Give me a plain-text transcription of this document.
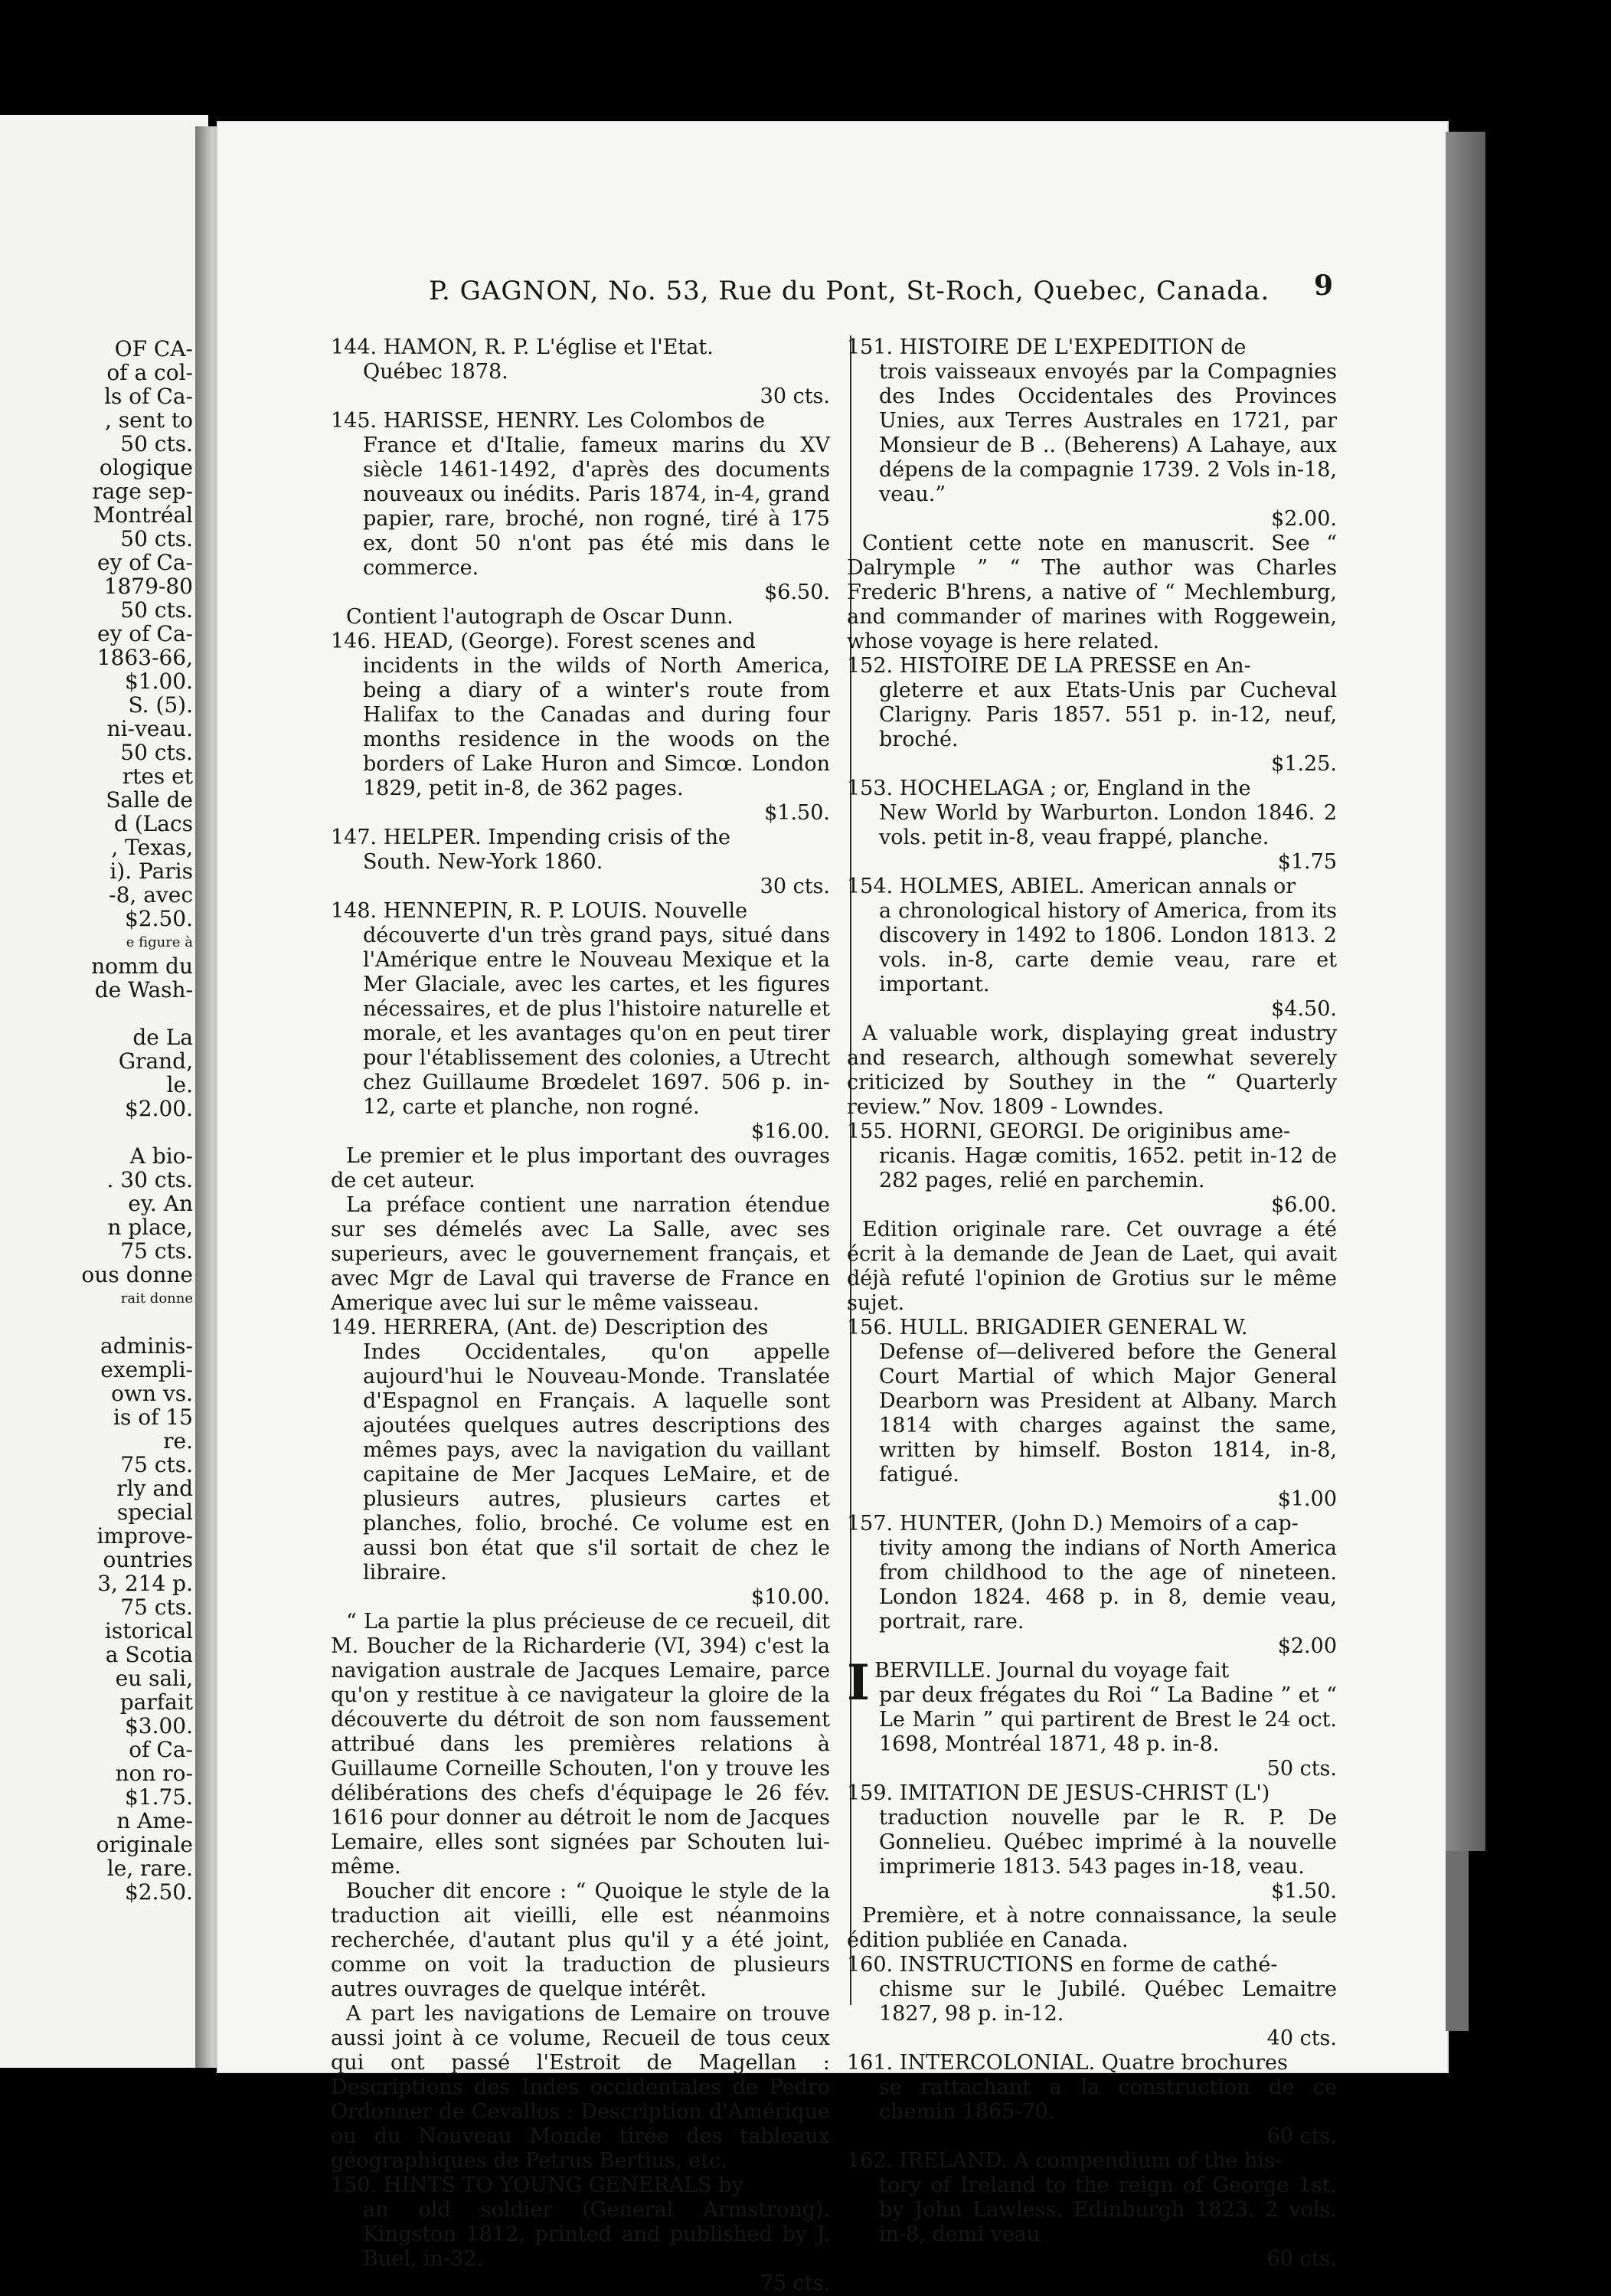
OF CA-
of a col-
ls of Ca-
, sent to
50 cts.
ologique
rage sep-
Montréal
50 cts.
ey of Ca-
1879-80
50 cts.
ey of Ca-
1863-66,
$1.00.
S. (5).
ni-veau.
50 cts.
rtes et
Salle de
d (Lacs
, Texas,
i). Paris
-8, avec
$2.50.
e figure à
nomm du
de Wash-
de La
Grand,
le.
$2.00.
A bio-
. 30 cts.
ey. An
n place,
75 cts.
ous donne
rait donne
adminis-
exempli-
own vs.
is of 15
re.
75 cts.
rly and
special
improve-
ountries
3, 214 p.
75 cts.
istorical
a Scotia
eu sali,
parfait
$3.00.
of Ca-
non ro-
$1.75.
n Ame-
originale
le, rare.
$2.50.
P. GAGNON, No. 53, Rue du Pont, St-Roch, Quebec, Canada.	9

144. HAMON, R. P. L'église et l'Etat.

Québec 1878.

30 cts.

145. HARISSE, HENRY. Les Colombos de

France et d'Italie, fameux marins du XV siècle 1461-1492, d'après des documents nouveaux ou inédits. Paris 1874, in-4, grand papier, rare, broché, non rogné, tiré à 175 ex, dont 50 n'ont pas été mis dans le commerce.

$6.50.

Contient l'autograph de Oscar Dunn.

146. HEAD, (George). Forest scenes and

incidents in the wilds of North America, being a diary of a winter's route from Halifax to the Canadas and during four months residence in the woods on the borders of Lake Huron and Simcœ. London 1829, petit in-8, de 362 pages.

$1.50.

147. HELPER. Impending crisis of the

South. New-York 1860.

30 cts.

148. HENNEPIN, R. P. LOUIS. Nouvelle

découverte d'un très grand pays, situé dans l'Amérique entre le Nouveau Mexique et la Mer Glaciale, avec les cartes, et les figures nécessaires, et de plus l'histoire naturelle et morale, et les avantages qu'on en peut tirer pour l'établissement des colonies, a Utrecht chez Guillaume Brœdelet 1697. 506 p. in-12, carte et planche, non rogné.

$16.00.

Le premier et le plus important des ouvrages de cet auteur.

La préface contient une narration étendue sur ses démelés avec La Salle, avec ses superieurs, avec le gouvernement français, et avec Mgr de Laval qui traverse de France en Amerique avec lui sur le même vaisseau.

149. HERRERA, (Ant. de) Description des

Indes Occidentales, qu'on appelle aujourd'hui le Nouveau-Monde. Translatée d'Espagnol en Français. A laquelle sont ajoutées quelques autres descriptions des mêmes pays, avec la navigation du vaillant capitaine de Mer Jacques LeMaire, et de plusieurs autres, plusieurs cartes et planches, folio, broché. Ce volume est en aussi bon état que s'il sortait de chez le libraire.

$10.00.

“ La partie la plus précieuse de ce recueil, dit M. Boucher de la Richarderie (VI, 394) c'est la navigation australe de Jacques Lemaire, parce qu'on y restitue à ce navigateur la gloire de la découverte du détroit de son nom faussement attribué dans les premières relations à Guillaume Corneille Schouten, l'on y trouve les délibérations des chefs d'équipage le 26 fév. 1616 pour donner au détroit le nom de Jacques Lemaire, elles sont signées par Schouten lui-même.

Boucher dit encore : “ Quoique le style de la traduction ait vieilli, elle est néanmoins recherchée, d'autant plus qu'il y a été joint, comme on voit la traduction de plusieurs autres ouvrages de quelque intérêt.

A part les navigations de Lemaire on trouve aussi joint à ce volume, Recueil de tous ceux qui ont passé l'Estroit de Magellan : Descriptions des Indes occidentales de Pedro Ordonner de Cevallos : Description d'Amérique ou du Nouveau Monde tirée des tableaux géographiques de Petrus Bertius, etc.

150. HINTS TO YOUNG GENERALS by

an old soldier (General Armstrong). Kingston 1812, printed and published by J. Buel, in-32.

75 cts.

151. HISTOIRE DE L'EXPEDITION de

trois vaisseaux envoyés par la Compagnies des Indes Occidentales des Provinces Unies, aux Terres Australes en 1721, par Monsieur de B .. (Beherens) A Lahaye, aux dépens de la compagnie 1739. 2 Vols in-18, veau.”

$2.00.

Contient cette note en manuscrit. See “ Dalrymple ” “ The author was Charles Frederic B'hrens, a native of “ Mechlemburg, and commander of marines with Roggewein, whose voyage is here related.

152. HISTOIRE DE LA PRESSE en An-

gleterre et aux Etats-Unis par Cucheval Clarigny. Paris 1857. 551 p. in-12, neuf, broché.

$1.25.

153. HOCHELAGA ; or, England in the

New World by Warburton. London 1846. 2 vols. petit in-8, veau frappé, planche.

$1.75

154. HOLMES, ABIEL. American annals or

a chronological history of America, from its discovery in 1492 to 1806. London 1813. 2 vols. in-8, carte demie veau, rare et important.

$4.50.

A valuable work, displaying great industry and research, although somewhat severely criticized by Southey in the “ Quarterly review.” Nov. 1809 - Lowndes.

155. HORNI, GEORGI. De originibus ame-

ricanis. Hagæ comitis, 1652. petit in-12 de 282 pages, relié en parchemin.

$6.00.

Edition originale rare. Cet ouvrage a été écrit à la demande de Jean de Laet, qui avait déjà refuté l'opinion de Grotius sur le même sujet.

156. HULL. BRIGADIER GENERAL W.

Defense of—delivered before the General Court Martial of which Major General Dearborn was President at Albany. March 1814 with charges against the same, written by himself. Boston 1814, in-8, fatigué.

$1.00

157. HUNTER, (John D.) Memoirs of a cap-

tivity among the indians of North America from childhood to the age of nineteen. London 1824. 468 p. in 8, demie veau, portrait, rare.

$2.00

I BERVILLE. Journal du voyage fait

par deux frégates du Roi “ La Badine ” et “ Le Marin ” qui partirent de Brest le 24 oct. 1698, Montréal 1871, 48 p. in-8.

50 cts.

159. IMITATION DE JESUS-CHRIST (L')

traduction nouvelle par le R. P. De Gonnelieu. Québec imprimé à la nouvelle imprimerie 1813. 543 pages in-18, veau.

$1.50.

Première, et à notre connaissance, la seule édition publiée en Canada.

160. INSTRUCTIONS en forme de cathé-

chisme sur le Jubilé. Québec Lemaitre 1827, 98 p. in-12.

40 cts.

161. INTERCOLONIAL. Quatre brochures

se rattachant a la construction de ce chemin 1865-70.

60 cts.

162. IRELAND. A compendium of the his-

tory of Ireland to the reign of George 1st. by John Lawless. Edinburgh 1823. 2 vols. in-8, demi veau

60 cts.
